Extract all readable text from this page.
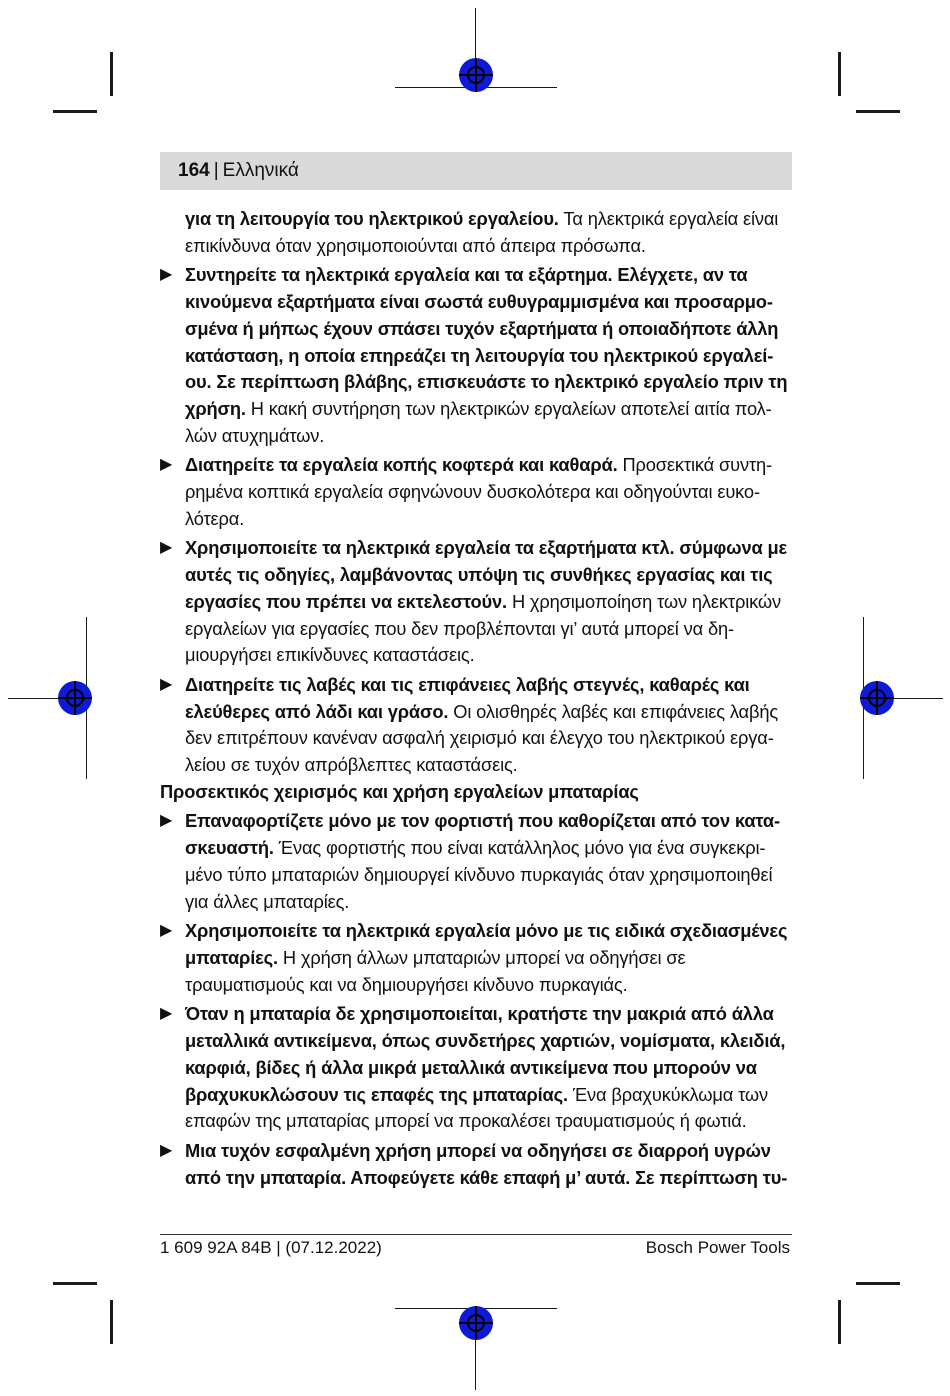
164 | Ελληνικά

για τη λειτουργία του ηλεκτρικού εργαλείου. Τα ηλεκτρικά εργαλεία είναι επικίνδυνα όταν χρησιμοποιούνται από άπειρα πρόσωπα.

▶ Συντηρείτε τα ηλεκτρικά εργαλεία και τα εξάρτημα. Ελέγχετε, αν τα κινούμενα εξαρτήματα είναι σωστά ευθυγραμμισμένα και προσαρμοσμένα ή μήπως έχουν σπάσει τυχόν εξαρτήματα ή οποιαδήποτε άλλη κατάσταση, η οποία επηρεάζει τη λειτουργία του ηλεκτρικού εργαλείου. Σε περίπτωση βλάβης, επισκευάστε το ηλεκτρικό εργαλείο πριν τη χρήση. Η κακή συντήρηση των ηλεκτρικών εργαλείων αποτελεί αιτία πολλών ατυχημάτων.
▶ Διατηρείτε τα εργαλεία κοπής κοφτερά και καθαρά. Προσεκτικά συντηρημένα κοπτικά εργαλεία σφηνώνουν δυσκολότερα και οδηγούνται ευκολότερα.
▶ Χρησιμοποιείτε τα ηλεκτρικά εργαλεία τα εξαρτήματα κτλ. σύμφωνα με αυτές τις οδηγίες, λαμβάνοντας υπόψη τις συνθήκες εργασίας και τις εργασίες που πρέπει να εκτελεστούν. Η χρησιμοποίηση των ηλεκτρικών εργαλείων για εργασίες που δεν προβλέπονται γι’ αυτά μπορεί να δημιουργήσει επικίνδυνες καταστάσεις.
▶ Διατηρείτε τις λαβές και τις επιφάνειες λαβής στεγνές, καθαρές και ελεύθερες από λάδι και γράσο. Οι ολισθηρές λαβές και επιφάνειες λαβής δεν επιτρέπουν κανέναν ασφαλή χειρισμό και έλεγχο του ηλεκτρικού εργαλείου σε τυχόν απρόβλεπτες καταστάσεις.

Προσεκτικός χειρισμός και χρήση εργαλείων μπαταρίας

▶ Επαναφορτίζετε μόνο με τον φορτιστή που καθορίζεται από τον κατασκευαστή. Ένας φορτιστής που είναι κατάλληλος μόνο για ένα συγκεκριμένο τύπο μπαταριών δημιουργεί κίνδυνο πυρκαγιάς όταν χρησιμοποιηθεί για άλλες μπαταρίες.
▶ Χρησιμοποιείτε τα ηλεκτρικά εργαλεία μόνο με τις ειδικά σχεδιασμένες μπαταρίες. Η χρήση άλλων μπαταριών μπορεί να οδηγήσει σε τραυματισμούς και να δημιουργήσει κίνδυνο πυρκαγιάς.
▶ Όταν η μπαταρία δε χρησιμοποιείται, κρατήστε την μακριά από άλλα μεταλλικά αντικείμενα, όπως συνδετήρες χαρτιών, νομίσματα, κλειδιά, καρφιά, βίδες ή άλλα μικρά μεταλλικά αντικείμενα που μπορούν να βραχυκυκλώσουν τις επαφές της μπαταρίας. Ένα βραχυκύκλωμα των επαφών της μπαταρίας μπορεί να προκαλέσει τραυματισμούς ή φωτιά.
▶ Μια τυχόν εσφαλμένη χρήση μπορεί να οδηγήσει σε διαρροή υγρών από την μπαταρία. Αποφεύγετε κάθε επαφή μ’ αυτά. Σε περίπτωση τυ-
1 609 92A 84B | (07.12.2022)	Bosch Power Tools
